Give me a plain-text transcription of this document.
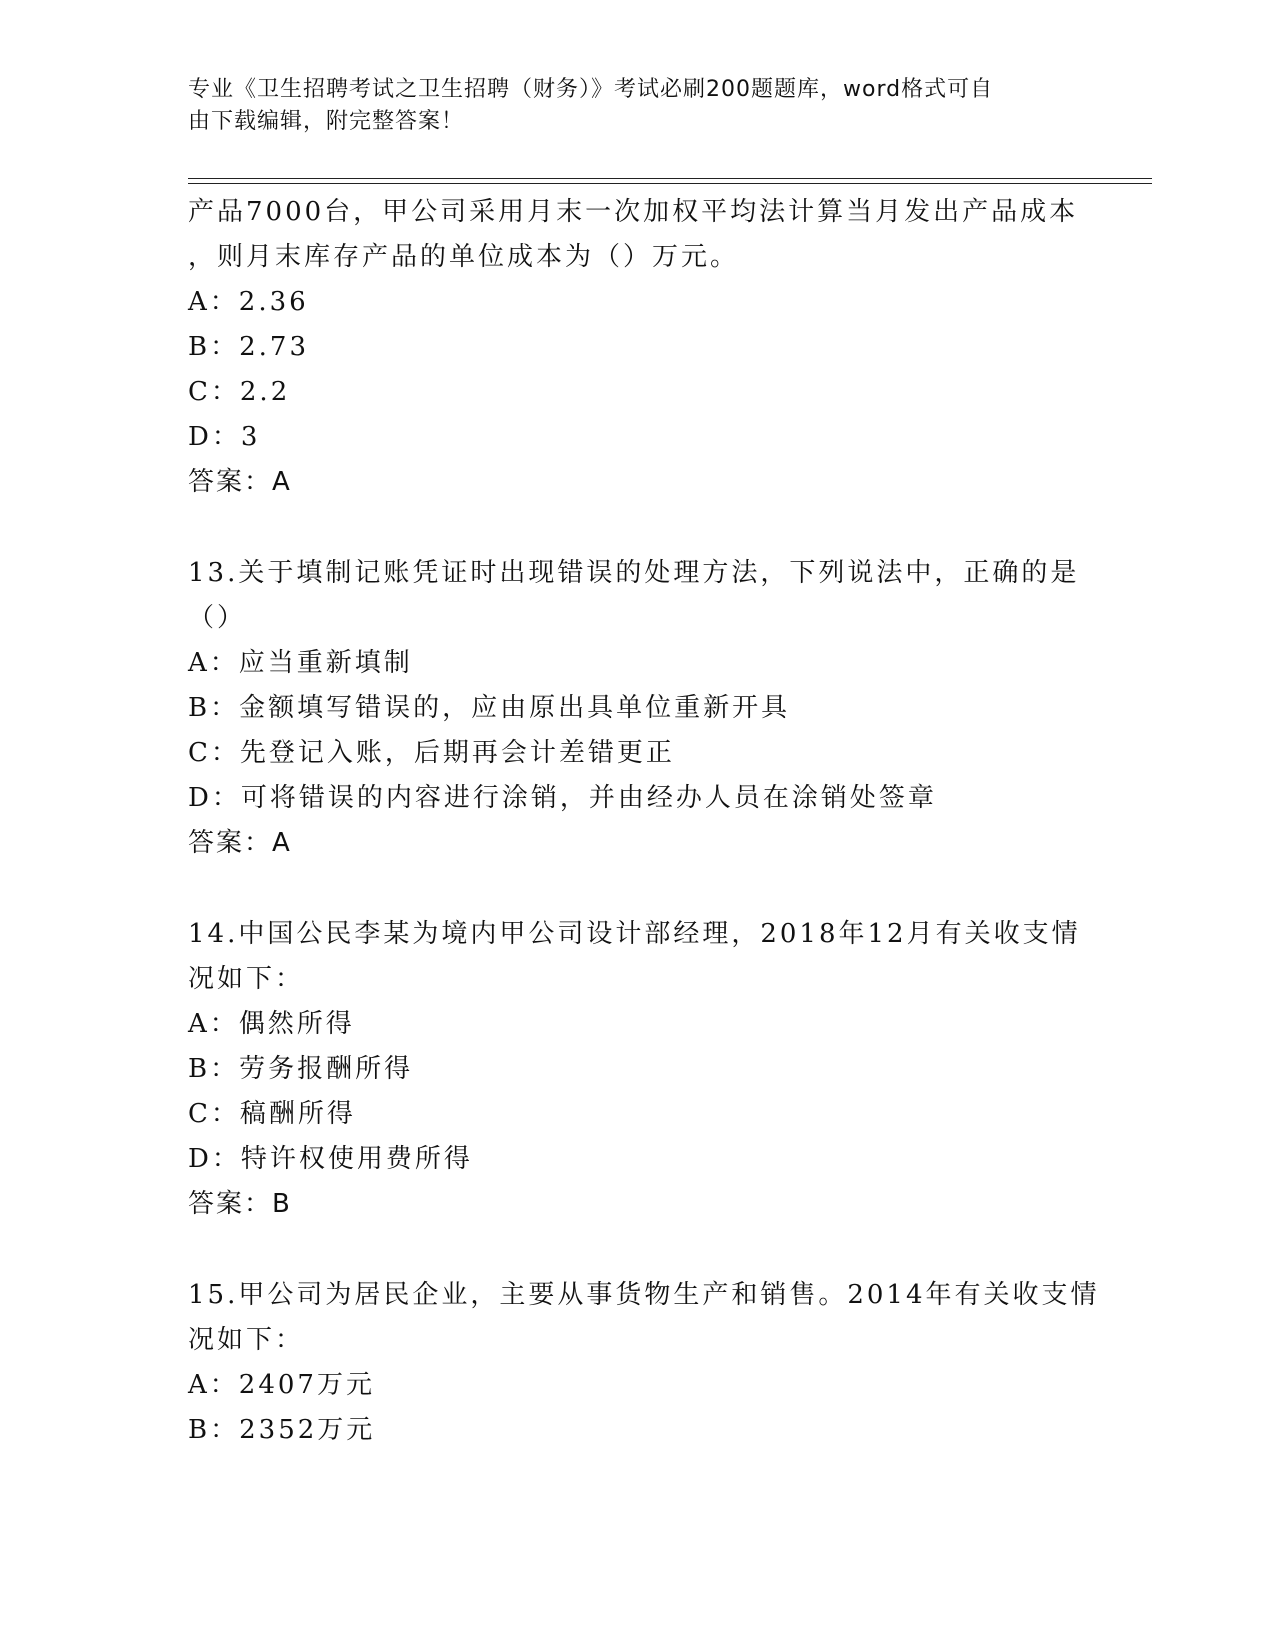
专业《卫生招聘考试之卫生招聘（财务）》考试必刷200题题库，word格式可自
由下载编辑，附完整答案！
产品7000台，甲公司采用月末一次加权平均法计算当月发出产品成本
，则月末库存产品的单位成本为（）万元。
A：2.36
B：2.73
C：2.2
D：3
答案：A
13.关于填制记账凭证时出现错误的处理方法，下列说法中，正确的是
（）
A：应当重新填制
B：金额填写错误的，应由原出具单位重新开具
C：先登记入账，后期再会计差错更正
D：可将错误的内容进行涂销，并由经办人员在涂销处签章
答案：A
14.中国公民李某为境内甲公司设计部经理，2018年12月有关收支情
况如下：
A：偶然所得
B：劳务报酬所得
C：稿酬所得
D：特许权使用费所得
答案：B
15.甲公司为居民企业，主要从事货物生产和销售。2014年有关收支情
况如下：
A：2407万元
B：2352万元
